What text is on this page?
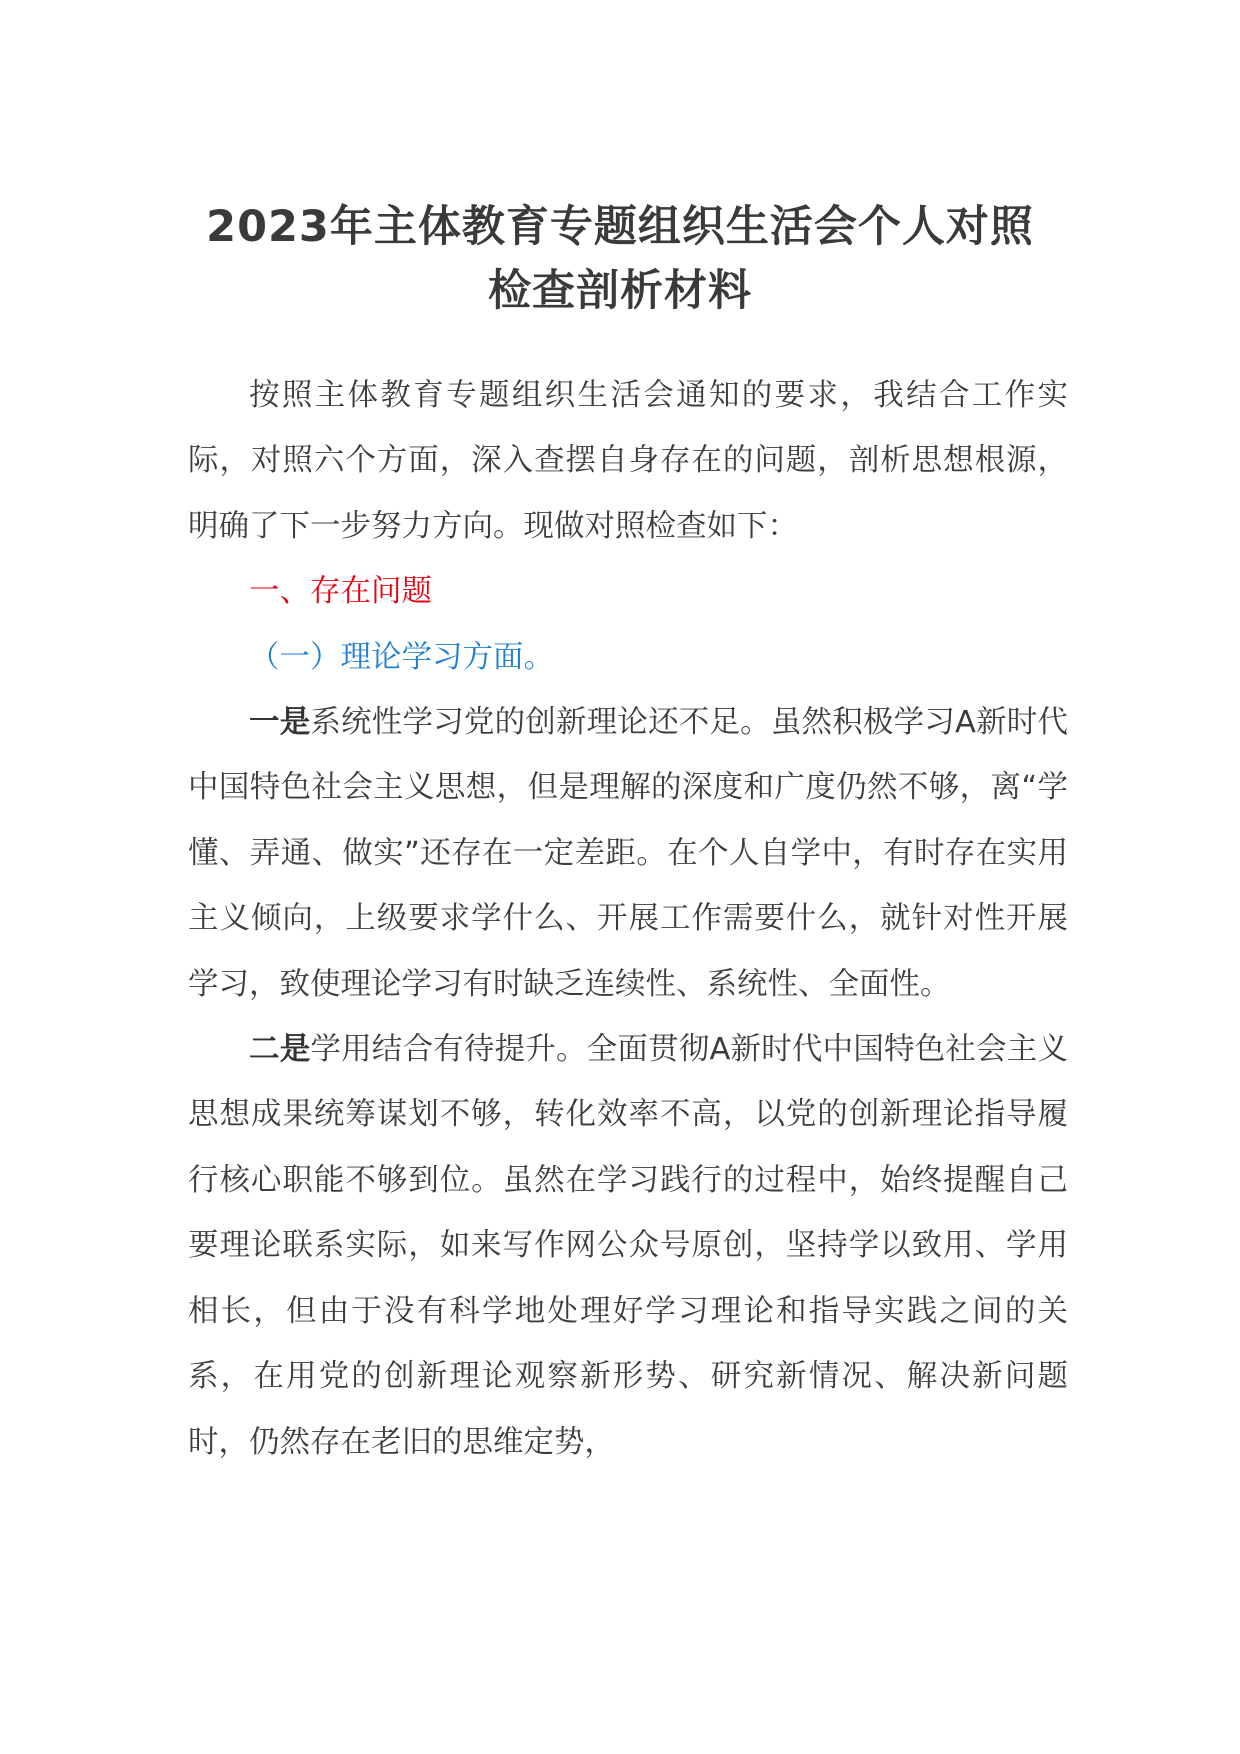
2023年主体教育专题组织生活会个人对照
检查剖析材料

按照主体教育专题组织生活会通知的要求，我结合工作实际，对照六个方面，深入查摆自身存在的问题，剖析思想根源，明确了下一步努力方向。现做对照检查如下：

一、存在问题

（一）理论学习方面。

一是系统性学习党的创新理论还不足。虽然积极学习A新时代中国特色社会主义思想，但是理解的深度和广度仍然不够，离“学懂、弄通、做实”还存在一定差距。在个人自学中，有时存在实用主义倾向，上级要求学什么、开展工作需要什么，就针对性开展学习，致使理论学习有时缺乏连续性、系统性、全面性。

二是学用结合有待提升。全面贯彻A新时代中国特色社会主义思想成果统筹谋划不够，转化效率不高，以党的创新理论指导履行核心职能不够到位。虽然在学习践行的过程中，始终提醒自己要理论联系实际，如来写作网公众号原创，坚持学以致用、学用相长，但由于没有科学地处理好学习理论和指导实践之间的关系，在用党的创新理论观察新形势、研究新情况、解决新问题时，仍然存在老旧的思维定势，
